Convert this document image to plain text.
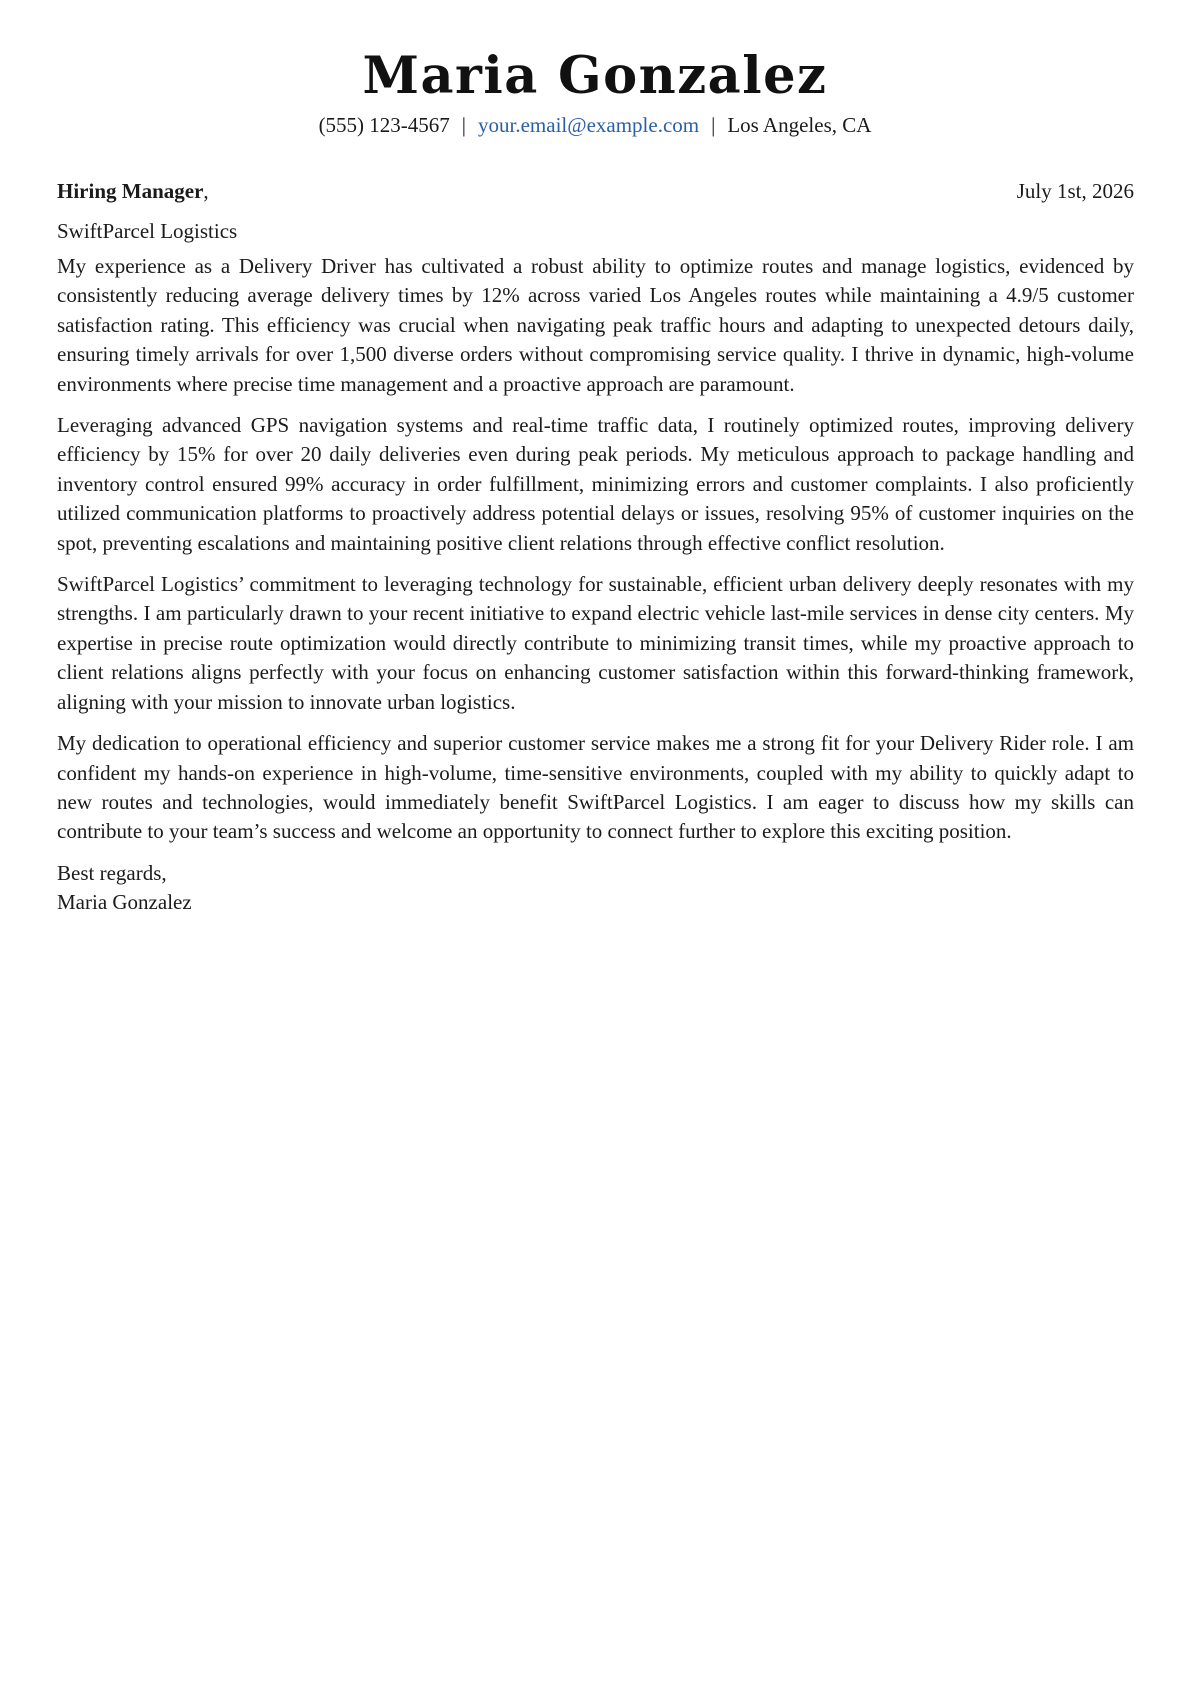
Maria Gonzalez
(555) 123-4567 | your.email@example.com | Los Angeles, CA
Hiring Manager,	July 1st, 2026
SwiftParcel Logistics

My experience as a Delivery Driver has cultivated a robust ability to optimize routes and manage logistics, evidenced by consistently reducing average delivery times by 12% across varied Los Angeles routes while maintaining a 4.9/5 customer satisfaction rating. This efficiency was crucial when navigating peak traffic hours and adapting to unexpected detours daily, ensuring timely arrivals for over 1,500 diverse orders without compromising service quality. I thrive in dynamic, high-volume environments where precise time management and a proactive approach are paramount.

Leveraging advanced GPS navigation systems and real-time traffic data, I routinely optimized routes, improving delivery efficiency by 15% for over 20 daily deliveries even during peak periods. My meticulous approach to package handling and inventory control ensured 99% accuracy in order fulfillment, minimizing errors and customer complaints. I also proficiently utilized communication platforms to proactively address potential delays or issues, resolving 95% of customer inquiries on the spot, preventing escalations and maintaining positive client relations through effective conflict resolution.

SwiftParcel Logistics’ commitment to leveraging technology for sustainable, efficient urban delivery deeply resonates with my strengths. I am particularly drawn to your recent initiative to expand electric vehicle last-mile services in dense city centers. My expertise in precise route optimization would directly contribute to minimizing transit times, while my proactive approach to client relations aligns perfectly with your focus on enhancing customer satisfaction within this forward-thinking framework, aligning with your mission to innovate urban logistics.

My dedication to operational efficiency and superior customer service makes me a strong fit for your Delivery Rider role. I am confident my hands-on experience in high-volume, time-sensitive environments, coupled with my ability to quickly adapt to new routes and technologies, would immediately benefit SwiftParcel Logistics. I am eager to discuss how my skills can contribute to your team’s success and welcome an opportunity to connect further to explore this exciting position.

Best regards,
Maria Gonzalez
